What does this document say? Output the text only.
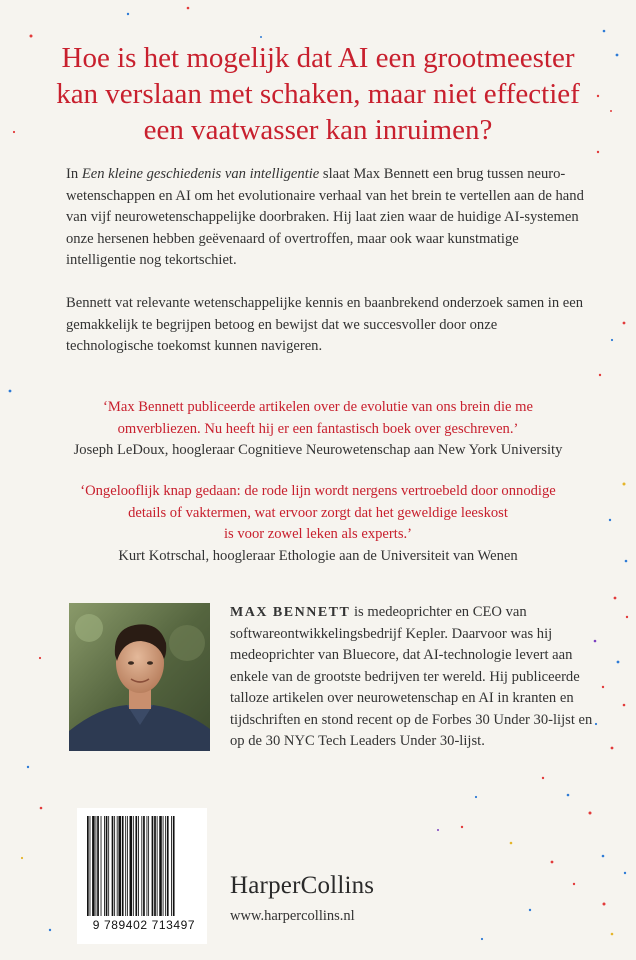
Hoe is het mogelijk dat AI een grootmeester
kan verslaan met schaken, maar niet effectief
een vaatwasser kan inruimen?
In Een kleine geschiedenis van intelligentie slaat Max Bennett een brug tussen neuro-wetenschappen en AI om het evolutionaire verhaal van het brein te vertellen aan de hand van vijf neurowetenschappelijke doorbraken. Hij laat zien waar de huidige AI-systemen onze hersenen hebben geëvenaard of overtroffen, maar ook waar kunstmatige intelligentie nog tekortschiet.
Bennett vat relevante wetenschappelijke kennis en baanbrekend onderzoek samen in een gemakkelijk te begrijpen betoog en bewijst dat we succesvoller door onze technologische toekomst kunnen navigeren.
‘Max Bennett publiceerde artikelen over de evolutie van ons brein die me
omverbliezen. Nu heeft hij er een fantastisch boek over geschreven.’
Joseph LeDoux, hoogleraar Cognitieve Neurowetenschap aan New York University
‘Ongelooflijk knap gedaan: de rode lijn wordt nergens vertroebeld door onnodige
details of vaktermen, wat ervoor zorgt dat het geweldige leeskost
is voor zowel leken als experts.’
Kurt Kotrschal, hoogleraar Ethologie aan de Universiteit van Wenen
MAX BENNETT is medeoprichter en CEO van softwareontwikkelingsbedrijf Kepler. Daarvoor was hij medeoprichter van Bluecore, dat AI-technologie levert aan enkele van de grootste bedrijven ter wereld. Hij publiceerde talloze artikelen over neurowetenschap en AI in kranten en tijdschriften en stond recent op de Forbes 30 Under 30-lijst en op de 30 NYC Tech Leaders Under 30-lijst.
9 789402 713497
HarperCollins
www.harpercollins.nl
